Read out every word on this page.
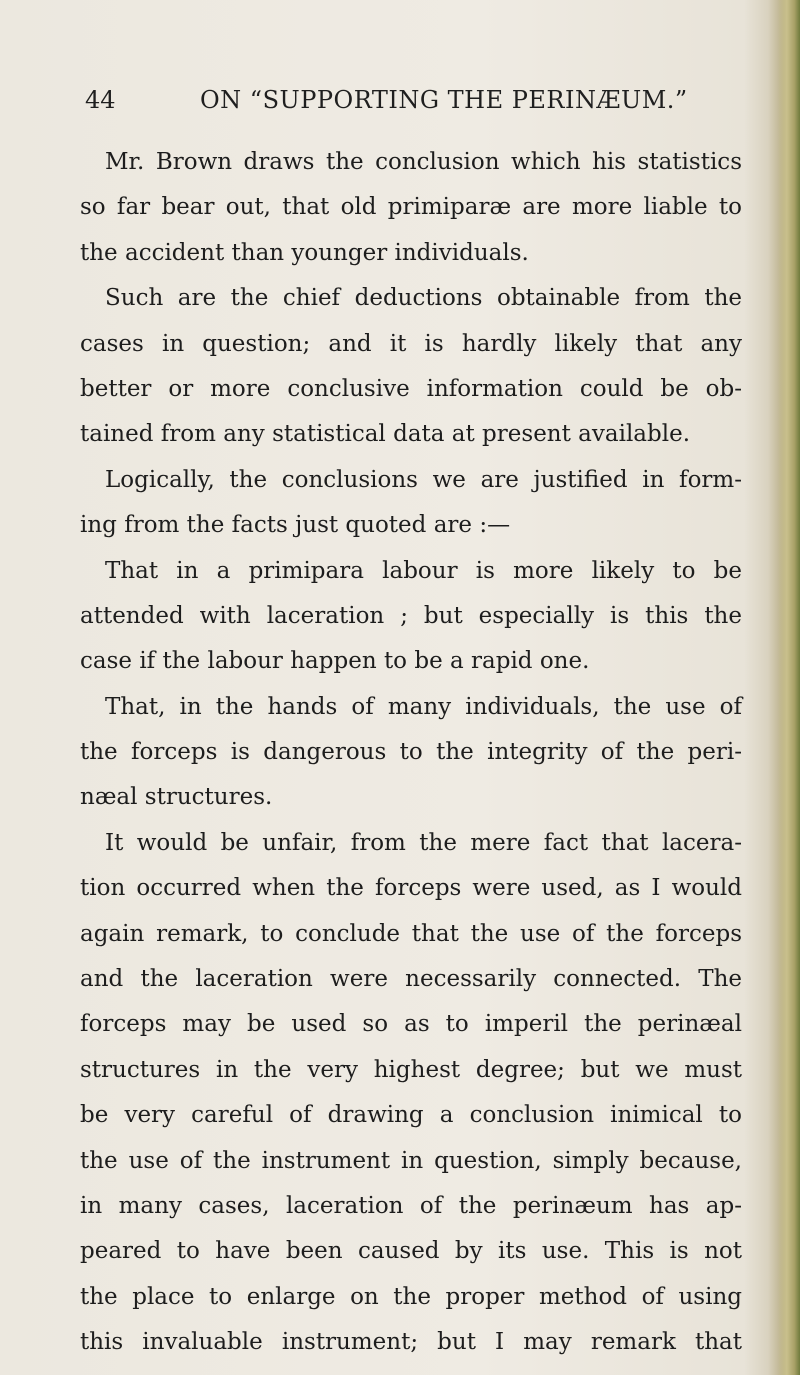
44	ON “SUPPORTING THE PERINÆUM.”
Mr. Brown draws the conclusion which his statistics
so far bear out, that old primiparæ are more liable to
the accident than younger individuals.
Such are the chief deductions obtainable from the
cases in question; and it is hardly likely that any
better or more conclusive information could be ob-
tained from any statistical data at present available.
Logically, the conclusions we are justified in form-
ing from the facts just quoted are :—
That in a primipara labour is more likely to be
attended with laceration ; but especially is this the
case if the labour happen to be a rapid one.
That, in the hands of many individuals, the use of
the forceps is dangerous to the integrity of the peri-
næal structures.
It would be unfair, from the mere fact that lacera-
tion occurred when the forceps were used, as I would
again remark, to conclude that the use of the forceps
and the laceration were necessarily connected. The
forceps may be used so as to imperil the perinæal
structures in the very highest degree; but we must
be very careful of drawing a conclusion inimical to
the use of the instrument in question, simply because,
in many cases, laceration of the perinæum has ap-
peared to have been caused by its use. This is not
the place to enlarge on the proper method of using
this invaluable instrument; but I may remark that
